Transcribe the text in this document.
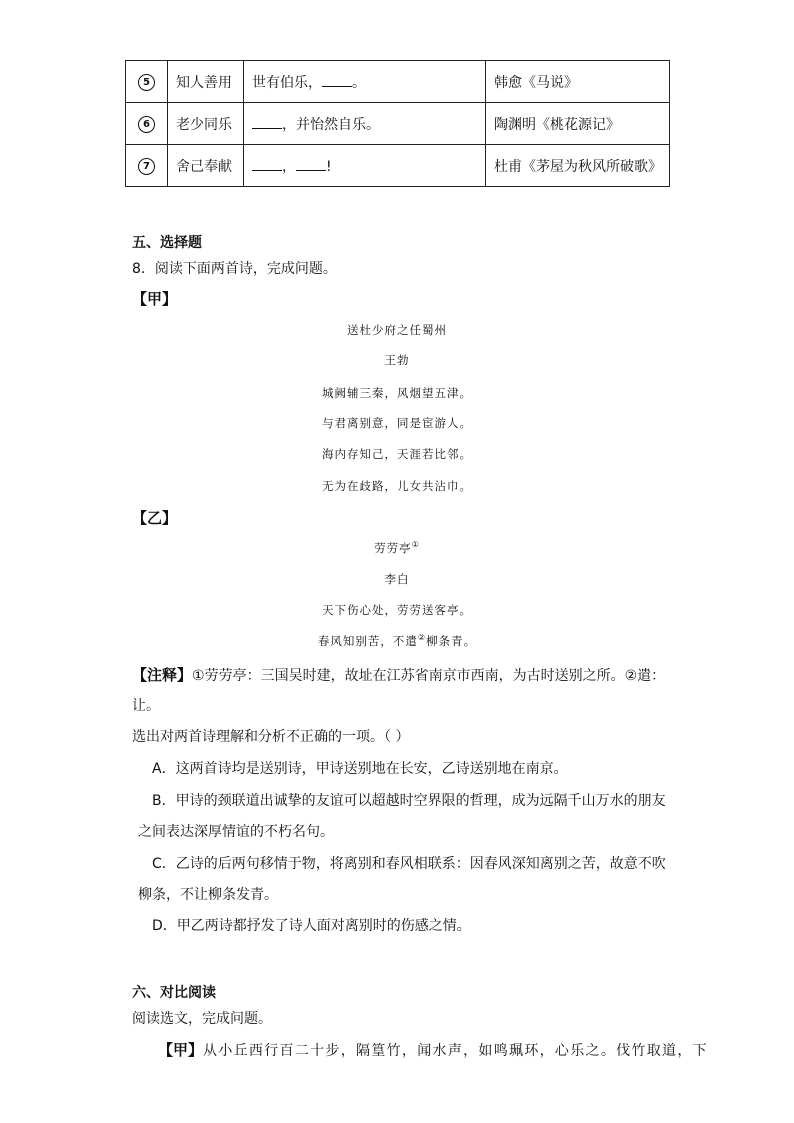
5	知人善用	世有伯乐， 。	韩愈《马说》
6	老少同乐	，并怡然自乐。	陶渊明《桃花源记》
7	舍己奉献	， !	杜甫《茅屋为秋风所破歌》
五、选择题
8．阅读下面两首诗，完成问题。
【甲】
送杜少府之任蜀州
王勃
城阙辅三秦，风烟望五津。
与君离别意，同是宦游人。
海内存知己，天涯若比邻。
无为在歧路，儿女共沾巾。
【乙】
劳劳亭①
李白
天下伤心处，劳劳送客亭。
春风知别苦，不遣②柳条青。
【注释】①劳劳亭：三国吴时建，故址在江苏省南京市西南，为古时送别之所。②遣：
让。
选出对两首诗理解和分析不正确的一项。（ ）
A．这两首诗均是送别诗，甲诗送别地在长安，乙诗送别地在南京。
B．甲诗的颈联道出诚挚的友谊可以超越时空界限的哲理，成为远隔千山万水的朋友
之间表达深厚情谊的不朽名句。
C．乙诗的后两句移情于物，将离别和春风相联系：因春风深知离别之苦，故意不吹
柳条，不让柳条发青。
D．甲乙两诗都抒发了诗人面对离别时的伤感之情。
六、对比阅读
阅读选文，完成问题。
【甲】从小丘西行百二十步，隔篁竹，闻水声，如鸣珮环，心乐之。伐竹取道，下
